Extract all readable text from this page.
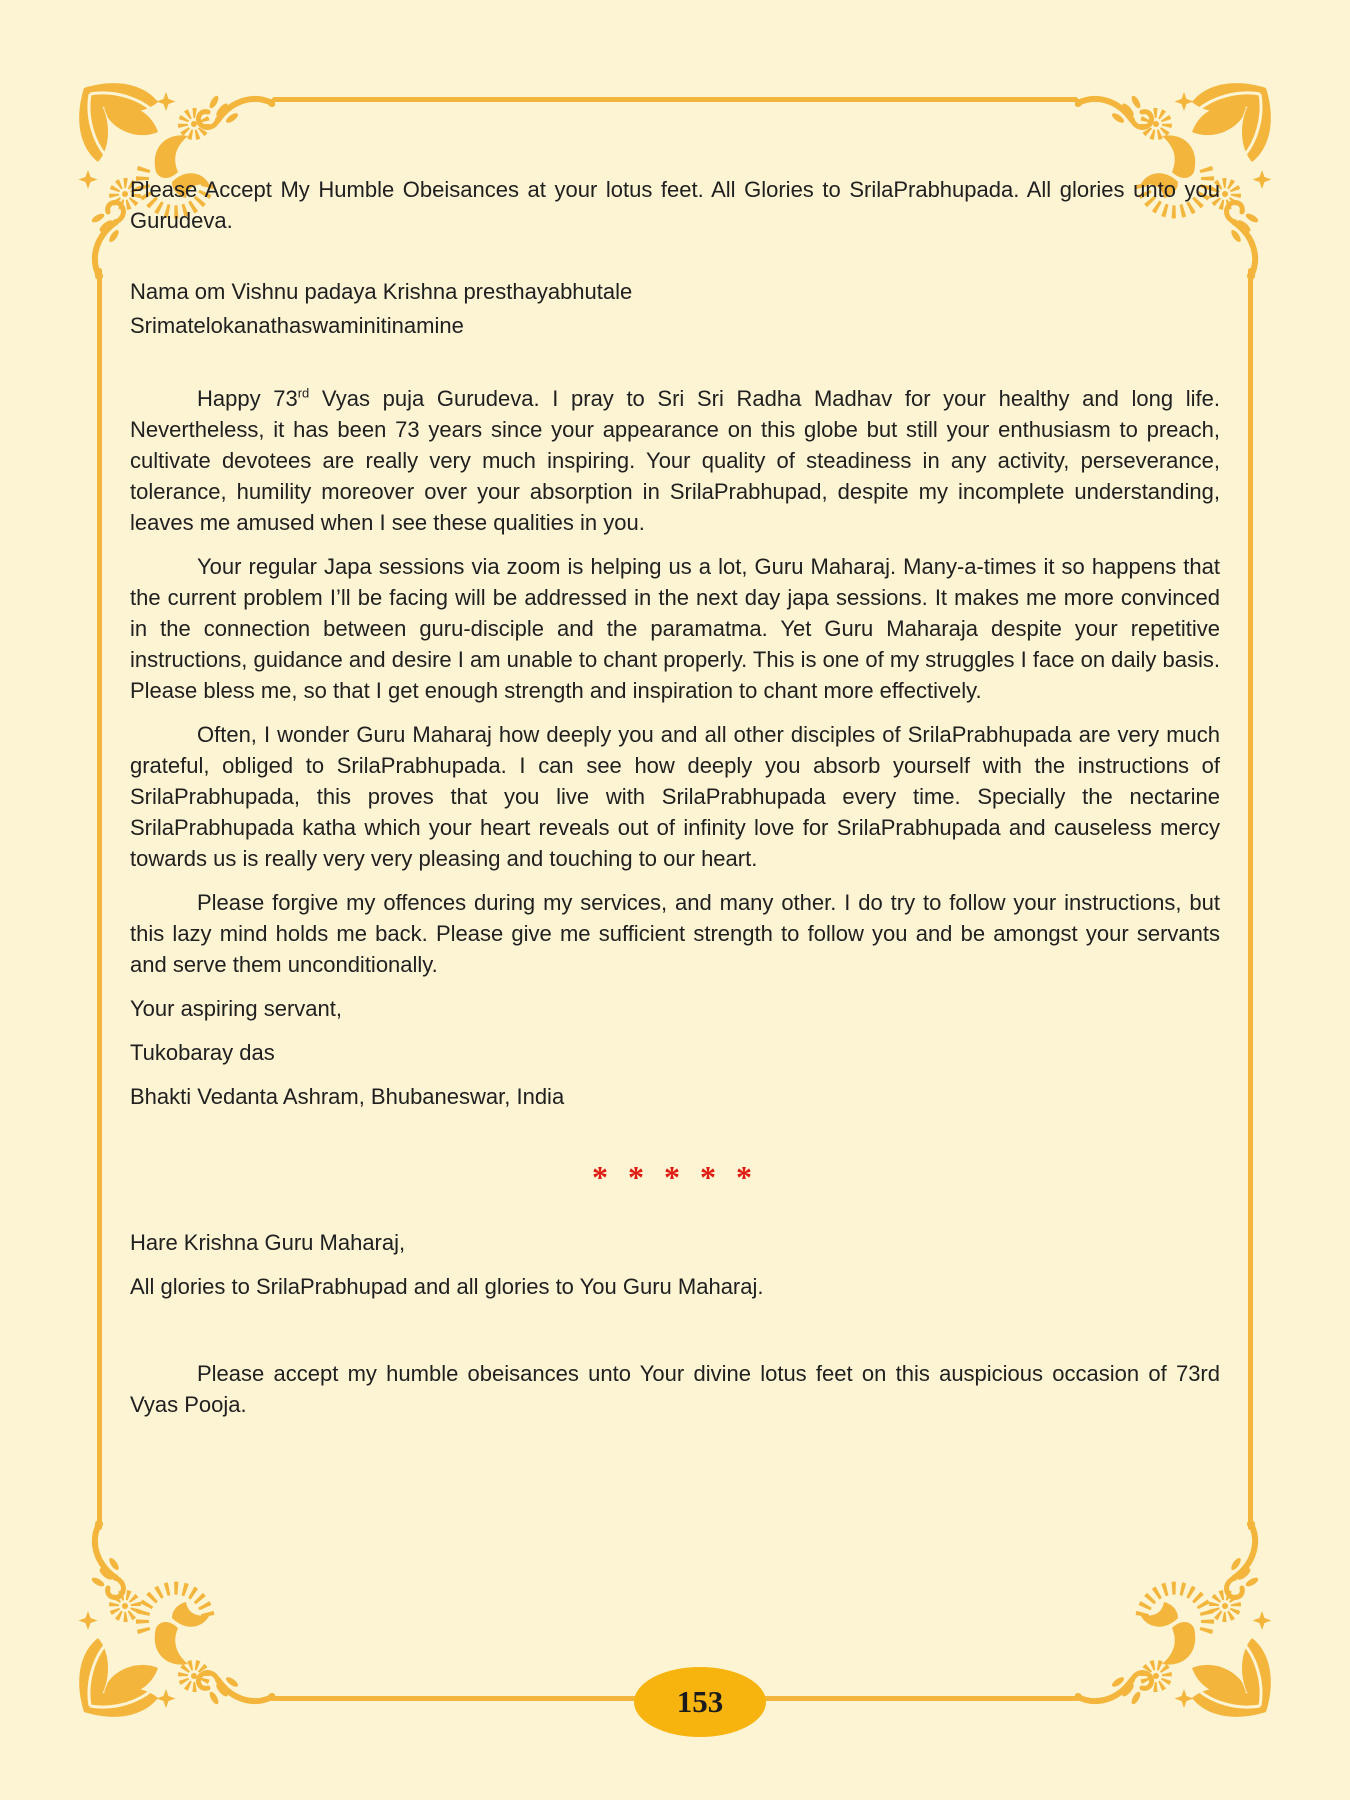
Please Accept My Humble Obeisances at your lotus feet. All Glories to SrilaPrabhupada. All glories unto you Gurudeva.

Nama om Vishnu padaya Krishna presthayabhutale

Srimatelokanathaswaminitinamine

Happy 73rd Vyas puja Gurudeva. I pray to Sri Sri Radha Madhav for your healthy and long life. Nevertheless, it has been 73 years since your appearance on this globe but still your enthusiasm to preach, cultivate devotees are really very much inspiring. Your quality of steadiness in any activity, perseverance, tolerance, humility moreover over your absorption in SrilaPrabhupad, despite my incomplete understanding, leaves me amused when I see these qualities in you.

Your regular Japa sessions via zoom is helping us a lot, Guru Maharaj. Many-a-times it so happens that the current problem I’ll be facing will be addressed in the next day japa sessions. It makes me more convinced in the connection between guru-disciple and the paramatma. Yet Guru Maharaja despite your repetitive instructions, guidance and desire I am unable to chant properly. This is one of my struggles I face on daily basis. Please bless me, so that I get enough strength and inspiration to chant more effectively.

Often, I wonder Guru Maharaj how deeply you and all other disciples of SrilaPrabhupada are very much grateful, obliged to SrilaPrabhupada. I can see how deeply you absorb yourself with the instructions of SrilaPrabhupada, this proves that you live with SrilaPrabhupada every time. Specially the nectarine SrilaPrabhupada katha which your heart reveals out of infinity love for SrilaPrabhupada and causeless mercy towards us is really very very pleasing and touching to our heart.

Please forgive my offences during my services, and many other. I do try to follow your instructions, but this lazy mind holds me back. Please give me sufficient strength to follow you and be amongst your servants and serve them unconditionally.

Your aspiring servant,

Tukobaray das

Bhakti Vedanta Ashram, Bhubaneswar, India

* * * * *

Hare Krishna Guru Maharaj,

All glories to SrilaPrabhupad and all glories to You Guru Maharaj.

Please accept my humble obeisances unto Your divine lotus feet on this auspicious occasion of 73rd Vyas Pooja.

153
